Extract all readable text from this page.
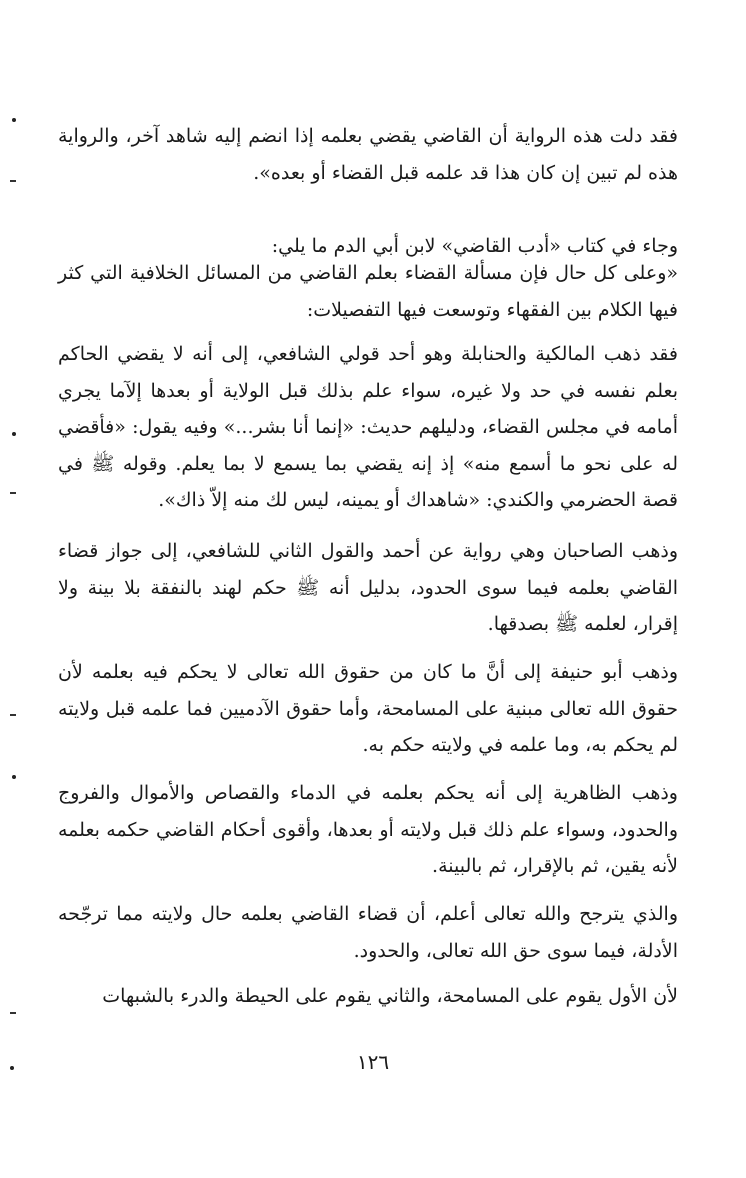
فقد دلت هذه الرواية أن القاضي يقضي بعلمه إذا انضم إليه شاهد آخر، والرواية هذه لم تبين إن كان هذا قد علمه قبل القضاء أو بعده».

وجاء في كتاب «أدب القاضي» لابن أبي الدم ما يلي:

«وعلى كل حال فإن مسألة القضاء بعلم القاضي من المسائل الخلافية التي كثر فيها الكلام بين الفقهاء وتوسعت فيها التفصيلات:

فقد ذهب المالكية والحنابلة وهو أحد قولي الشافعي، إلى أنه لا يقضي الحاكم بعلم نفسه في حد ولا غيره، سواء علم بذلك قبل الولاية أو بعدها إلآما يجري أمامه في مجلس القضاء، ودليلهم حديث: «إنما أنا بشر...» وفيه يقول: «فأقضي له على نحو ما أسمع منه» إذ إنه يقضي بما يسمع لا بما يعلم. وقوله ﷺ في قصة الحضرمي والكندي: «شاهداك أو يمينه، ليس لك منه إلاّ ذاك».

وذهب الصاحبان وهي رواية عن أحمد والقول الثاني للشافعي، إلى جواز قضاء القاضي بعلمه فيما سوى الحدود، بدليل أنه ﷺ حكم لهند بالنفقة بلا بينة ولا إقرار، لعلمه ﷺ بصدقها.

وذهب أبو حنيفة إلى أنَّ ما كان من حقوق الله تعالى لا يحكم فيه بعلمه لأن حقوق الله تعالى مبنية على المسامحة، وأما حقوق الآدميين فما علمه قبل ولايته لم يحكم به، وما علمه في ولايته حكم به.

وذهب الظاهرية إلى أنه يحكم بعلمه في الدماء والقصاص والأموال والفروج والحدود، وسواء علم ذلك قبل ولايته أو بعدها، وأقوى أحكام القاضي حكمه بعلمه لأنه يقين، ثم بالإقرار، ثم بالبينة.

والذي يترجح والله تعالى أعلم، أن قضاء القاضي بعلمه حال ولايته مما ترجّحه الأدلة، فيما سوى حق الله تعالى، والحدود.

لأن الأول يقوم على المسامحة، والثاني يقوم على الحيطة والدرء بالشبهات

١٢٦
